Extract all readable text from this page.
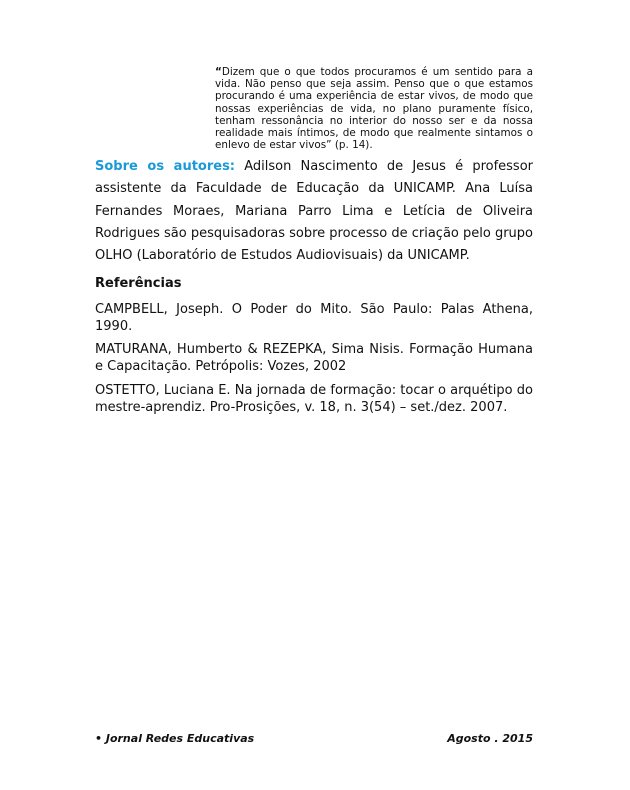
“Dizem que o que todos procuramos é um sentido para a vida. Não penso que seja assim. Penso que o que estamos procurando é uma experiência de estar vivos, de modo que nossas experiências de vida, no plano puramente físico, tenham ressonância no interior do nosso ser e da nossa realidade mais íntimos, de modo que realmente sintamos o enlevo de estar vivos” (p. 14).

Sobre os autores: Adilson Nascimento de Jesus é professor assistente da Faculdade de Educação da UNICAMP. Ana Luísa Fernandes Moraes, Mariana Parro Lima e Letícia de Oliveira Rodrigues são pesquisadoras sobre processo de criação pelo grupo OLHO (Laboratório de Estudos Audiovisuais) da UNICAMP.

Referências

CAMPBELL, Joseph. O Poder do Mito. São Paulo: Palas Athena, 1990.

MATURANA, Humberto & REZEPKA, Sima Nisis. Formação Humana e Capacitação. Petrópolis: Vozes, 2002

OSTETTO, Luciana E. Na jornada de formação: tocar o arquétipo do mestre-aprendiz. Pro-Prosições, v. 18, n. 3(54) – set./dez. 2007.

• Jornal Redes Educativas	Agosto . 2015
